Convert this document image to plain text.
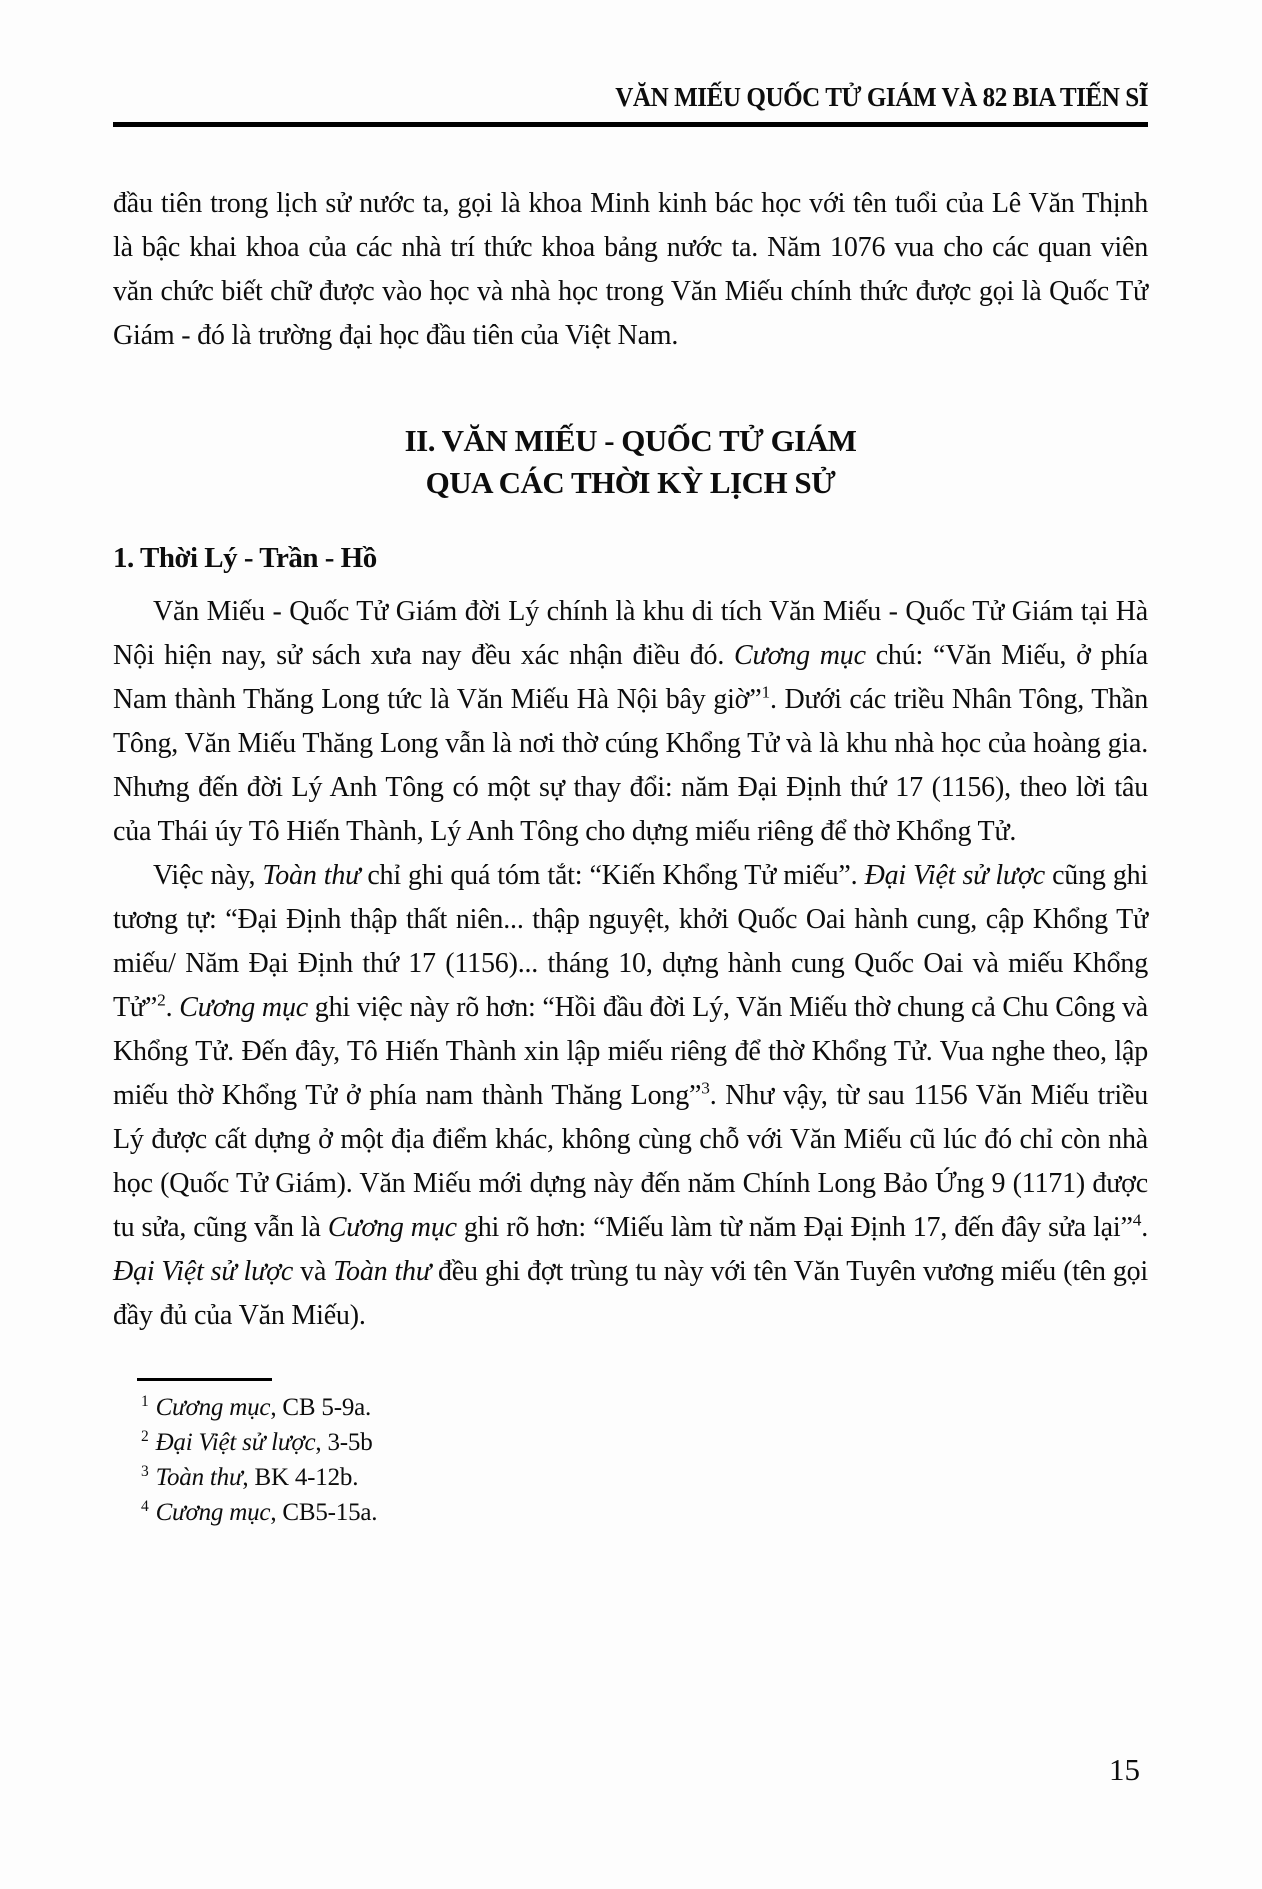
VĂN MIẾU QUỐC TỬ GIÁM VÀ 82 BIA TIẾN SĨ

đầu tiên trong lịch sử nước ta, gọi là khoa Minh kinh bác học với tên tuổi của Lê Văn Thịnh là bậc khai khoa của các nhà trí thức khoa bảng nước ta. Năm 1076 vua cho các quan viên văn chức biết chữ được vào học và nhà học trong Văn Miếu chính thức được gọi là Quốc Tử Giám - đó là trường đại học đầu tiên của Việt Nam.

II. VĂN MIẾU - QUỐC TỬ GIÁM
QUA CÁC THỜI KỲ LỊCH SỬ
1. Thời Lý - Trần - Hồ

Văn Miếu - Quốc Tử Giám đời Lý chính là khu di tích Văn Miếu - Quốc Tử Giám tại Hà Nội hiện nay, sử sách xưa nay đều xác nhận điều đó. Cương mục chú: “Văn Miếu, ở phía Nam thành Thăng Long tức là Văn Miếu Hà Nội bây giờ”$^1$. Dưới các triều Nhân Tông, Thần Tông, Văn Miếu Thăng Long vẫn là nơi thờ cúng Khổng Tử và là khu nhà học của hoàng gia. Nhưng đến đời Lý Anh Tông có một sự thay đổi: năm Đại Định thứ 17 (1156), theo lời tâu của Thái úy Tô Hiến Thành, Lý Anh Tông cho dựng miếu riêng để thờ Khổng Tử.

Việc này, Toàn thư chỉ ghi quá tóm tắt: “Kiến Khổng Tử miếu”. Đại Việt sử lược cũng ghi tương tự: “Đại Định thập thất niên... thập nguyệt, khởi Quốc Oai hành cung, cập Khổng Tử miếu/ Năm Đại Định thứ 17 (1156)... tháng 10, dựng hành cung Quốc Oai và miếu Khổng Tử”$^2$. Cương mục ghi việc này rõ hơn: “Hồi đầu đời Lý, Văn Miếu thờ chung cả Chu Công và Khổng Tử. Đến đây, Tô Hiến Thành xin lập miếu riêng để thờ Khổng Tử. Vua nghe theo, lập miếu thờ Khổng Tử ở phía nam thành Thăng Long”$^3$. Như vậy, từ sau 1156 Văn Miếu triều Lý được cất dựng ở một địa điểm khác, không cùng chỗ với Văn Miếu cũ lúc đó chỉ còn nhà học (Quốc Tử Giám). Văn Miếu mới dựng này đến năm Chính Long Bảo Ứng 9 (1171) được tu sửa, cũng vẫn là Cương mục ghi rõ hơn: “Miếu làm từ năm Đại Định 17, đến đây sửa lại”$^4$. Đại Việt sử lược và Toàn thư đều ghi đợt trùng tu này với tên Văn Tuyên vương miếu (tên gọi đầy đủ của Văn Miếu).

$^1$ Cương mục, CB 5-9a.
$^2$ Đại Việt sử lược, 3-5b
$^3$ Toàn thư, BK 4-12b.
$^4$ Cương mục, CB5-15a.
15
